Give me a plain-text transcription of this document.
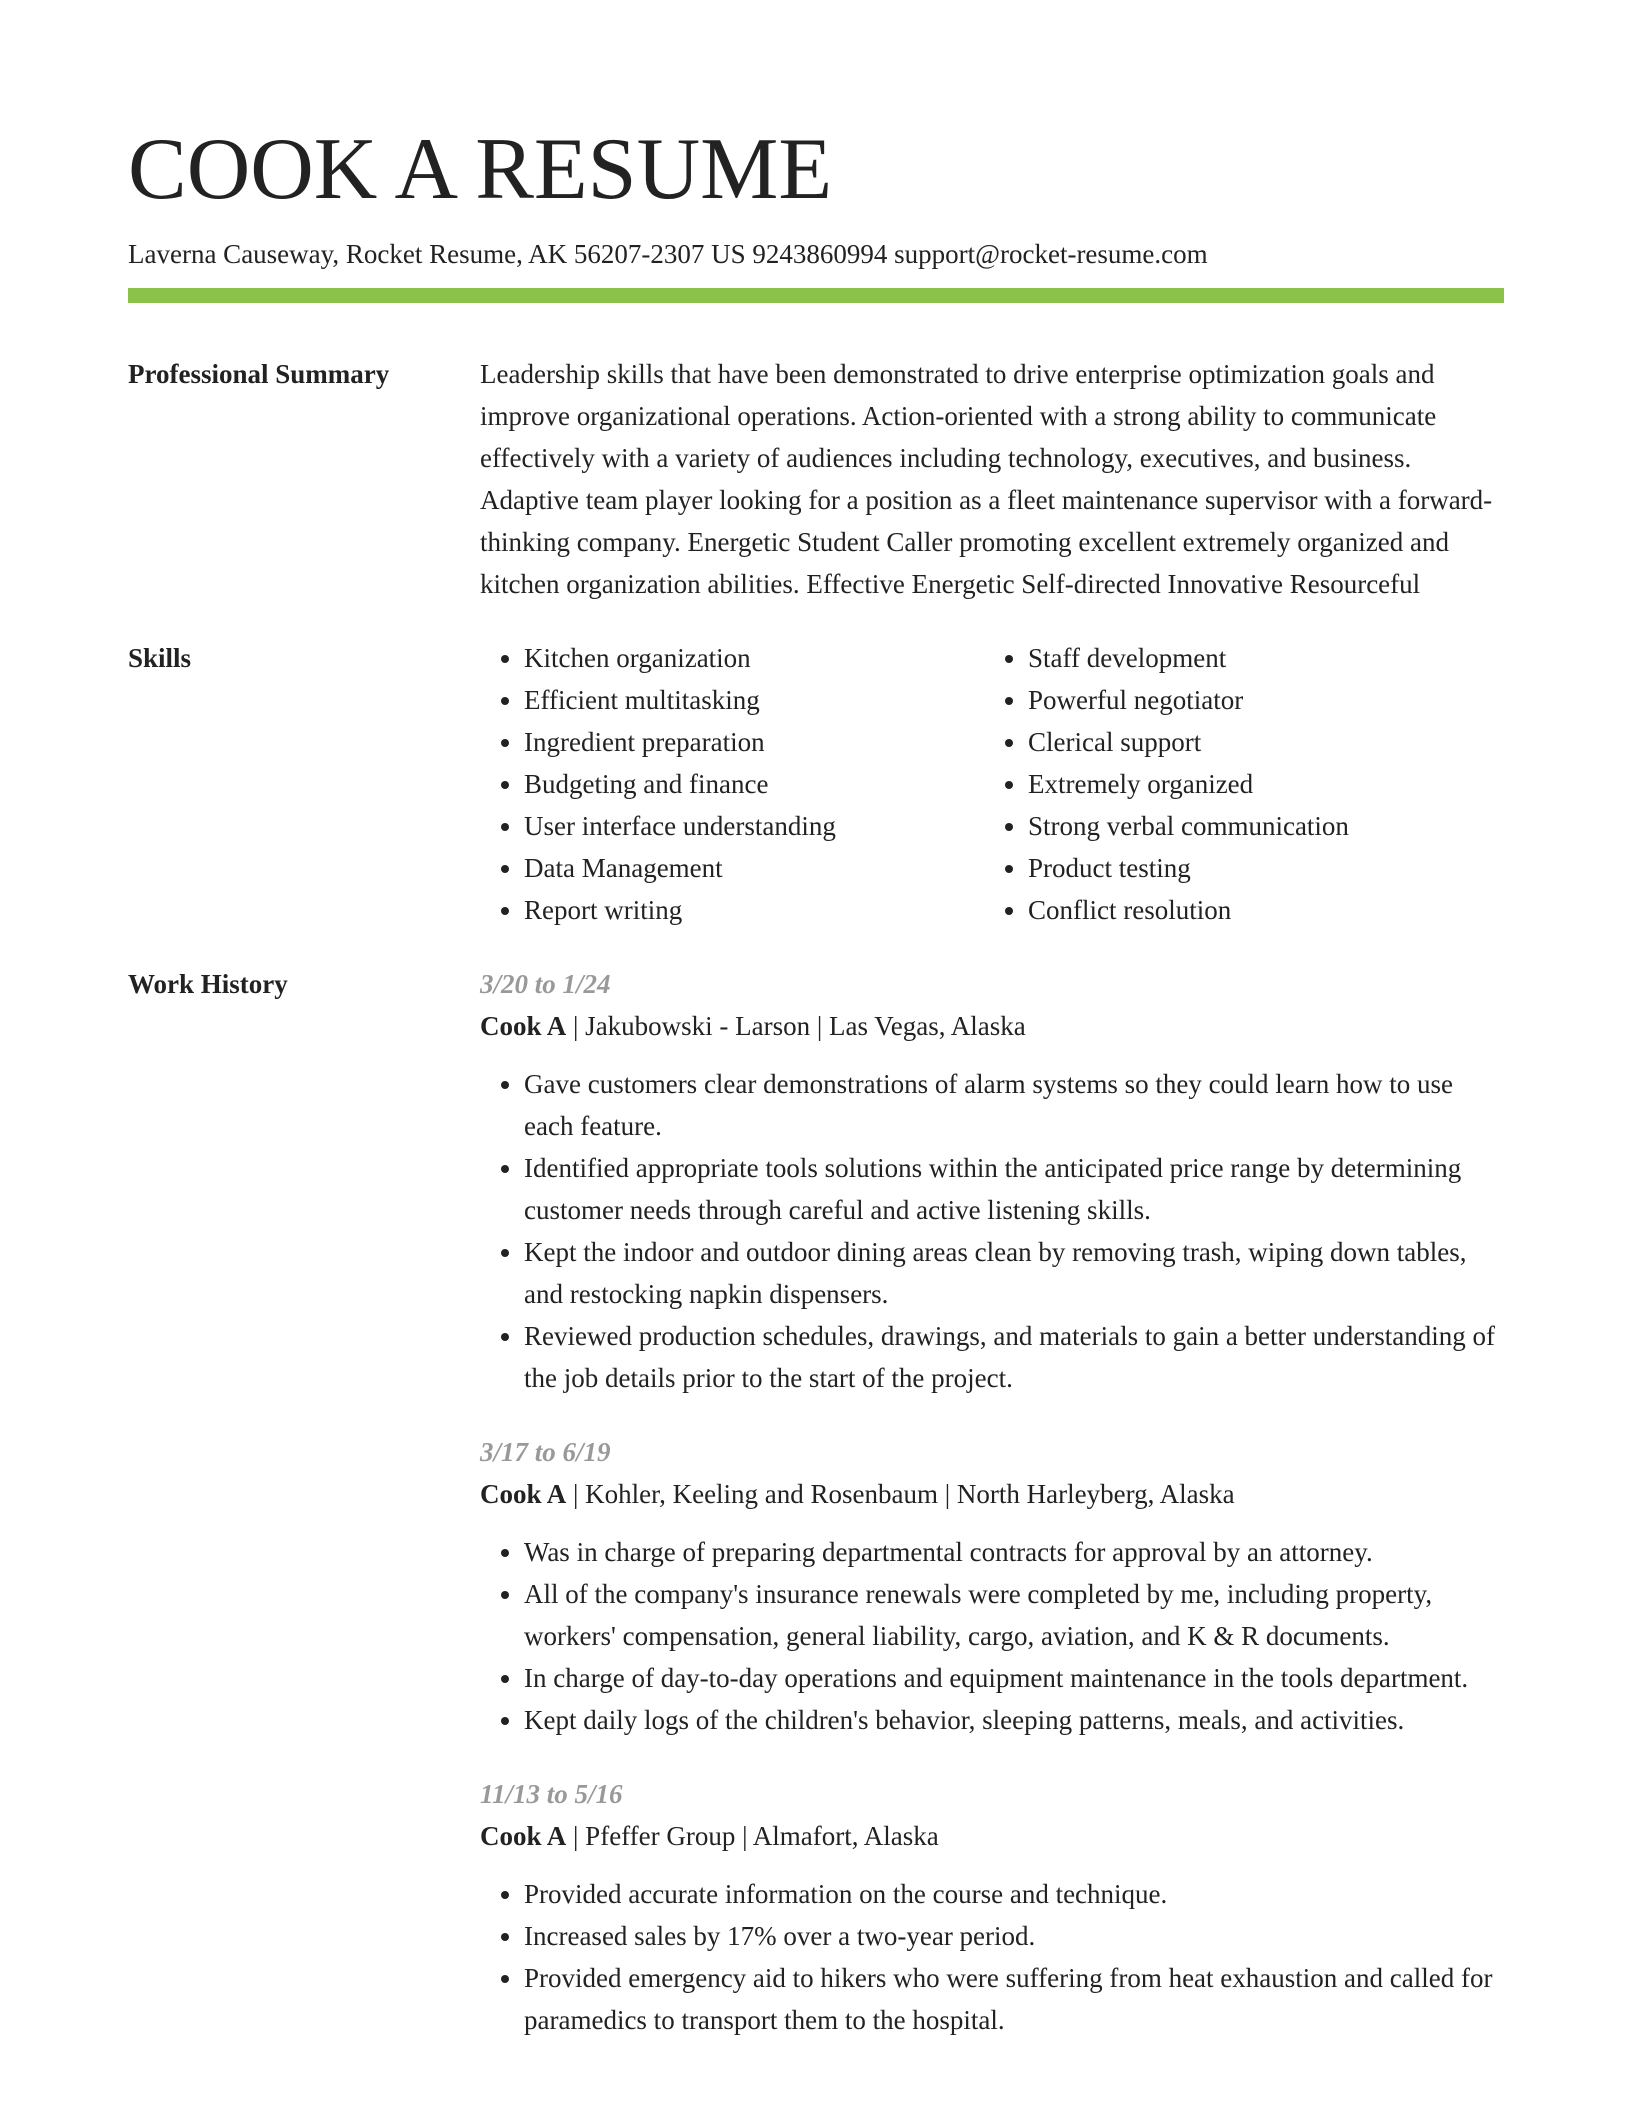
COOK A RESUME
Laverna Causeway, Rocket Resume, AK 56207-2307 US 9243860994 support@rocket-resume.com
Professional Summary	Leadership skills that have been demonstrated to drive enterprise optimization goals and improve organizational operations. Action-oriented with a strong ability to communicate effectively with a variety of audiences including technology, executives, and business. Adaptive team player looking for a position as a fleet maintenance supervisor with a forward-thinking company. Energetic Student Caller promoting excellent extremely organized and kitchen organization abilities. Effective Energetic Self-directed Innovative Resourceful

Skills
•	Kitchen organization
• Efficient multitasking
• Ingredient preparation
• Budgeting and finance
• User interface understanding
• Data Management
• Report writing
• Staff development
• Powerful negotiator
• Clerical support
• Extremely organized
• Strong verbal communication
• Product testing
• Conflict resolution
Work History	3/20 to 1/24
Cook A | Jakubowski - Larson | Las Vegas, Alaska
• Gave customers clear demonstrations of alarm systems so they could learn how to use each feature.
• Identified appropriate tools solutions within the anticipated price range by determining customer needs through careful and active listening skills.
• Kept the indoor and outdoor dining areas clean by removing trash, wiping down tables, and restocking napkin dispensers.
• Reviewed production schedules, drawings, and materials to gain a better understanding of the job details prior to the start of the project.
3/17 to 6/19
Cook A | Kohler, Keeling and Rosenbaum | North Harleyberg, Alaska
• Was in charge of preparing departmental contracts for approval by an attorney.
• All of the company's insurance renewals were completed by me, including property, workers' compensation, general liability, cargo, aviation, and K & R documents.
• In charge of day-to-day operations and equipment maintenance in the tools department.
• Kept daily logs of the children's behavior, sleeping patterns, meals, and activities.
11/13 to 5/16
Cook A | Pfeffer Group | Almafort, Alaska
• Provided accurate information on the course and technique.
• Increased sales by 17% over a two-year period.
• Provided emergency aid to hikers who were suffering from heat exhaustion and called for paramedics to transport them to the hospital.
